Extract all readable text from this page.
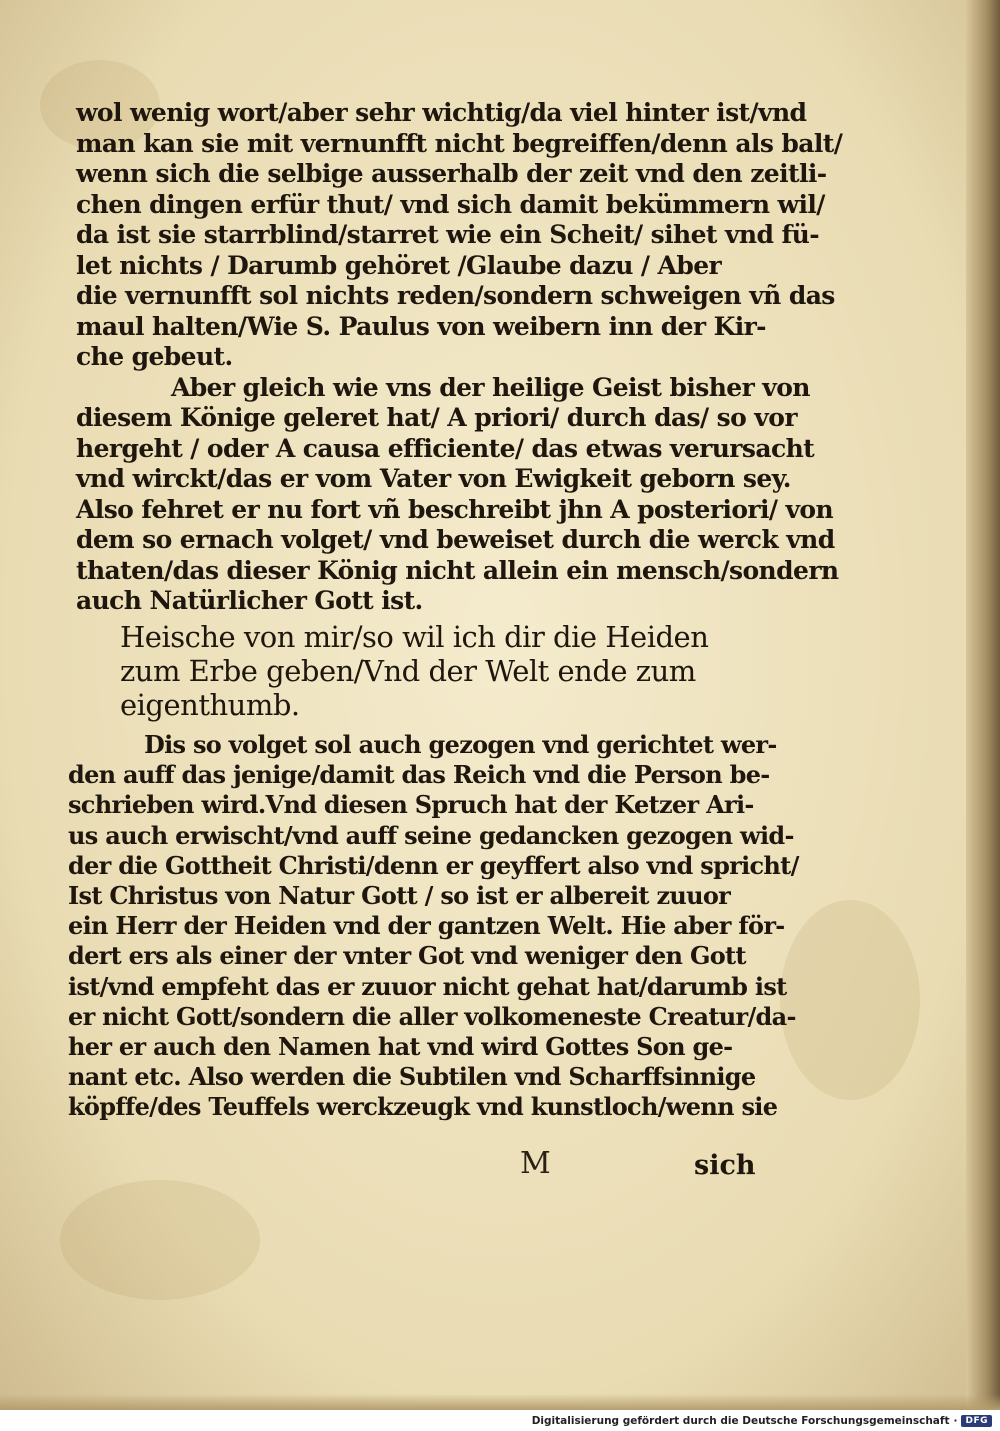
wol wenig wort/aber sehr wichtig/da viel hinter ist/vnd
man kan sie mit vernunfft nicht begreiffen/denn als balt/
wenn sich die selbige ausserhalb der zeit vnd den zeitli-
chen dingen erfür thut/ vnd sich damit bekümmern wil/
da ist sie starrblind/starret wie ein Scheit/ sihet vnd fü-
let nichts / Darumb gehöret /Glaube dazu / Aber
die vernunfft sol nichts reden/sondern schweigen vñ das
maul halten/Wie S. Paulus von weibern inn der Kir-
che gebeut.
Aber gleich wie vns der heilige Geist bisher von
diesem Könige geleret hat/ A priori/ durch das/ so vor
hergeht / oder A causa efficiente/ das etwas verursacht
vnd wirckt/das er vom Vater von Ewigkeit geborn sey.
Also fehret er nu fort vñ beschreibt jhn A posteriori/ von
dem so ernach volget/ vnd beweiset durch die werck vnd
thaten/das dieser König nicht allein ein mensch/sondern
auch Natürlicher Gott ist.
Heische von mir/so wil ich dir die Heiden
zum Erbe geben/Vnd der Welt ende zum
eigenthumb.
Dis so volget sol auch gezogen vnd gerichtet wer-
den auff das jenige/damit das Reich vnd die Person be-
schrieben wird.Vnd diesen Spruch hat der Ketzer Ari-
us auch erwischt/vnd auff seine gedancken gezogen wid-
der die Gottheit Christi/denn er geyffert also vnd spricht/
Ist Christus von Natur Gott / so ist er albereit zuuor
ein Herr der Heiden vnd der gantzen Welt. Hie aber för-
dert ers als einer der vnter Got vnd weniger den Gott
ist/vnd empfeht das er zuuor nicht gehat hat/darumb ist
er nicht Gott/sondern die aller volkomeneste Creatur/da-
her er auch den Namen hat vnd wird Gottes Son ge-
nant etc. Also werden die Subtilen vnd Scharffsinnige
köpffe/des Teuffels werckzeugk vnd kunstloch/wenn sie
M	sich
Digitalisierung gefördert durch die Deutsche Forschungsgemeinschaft · DFG
